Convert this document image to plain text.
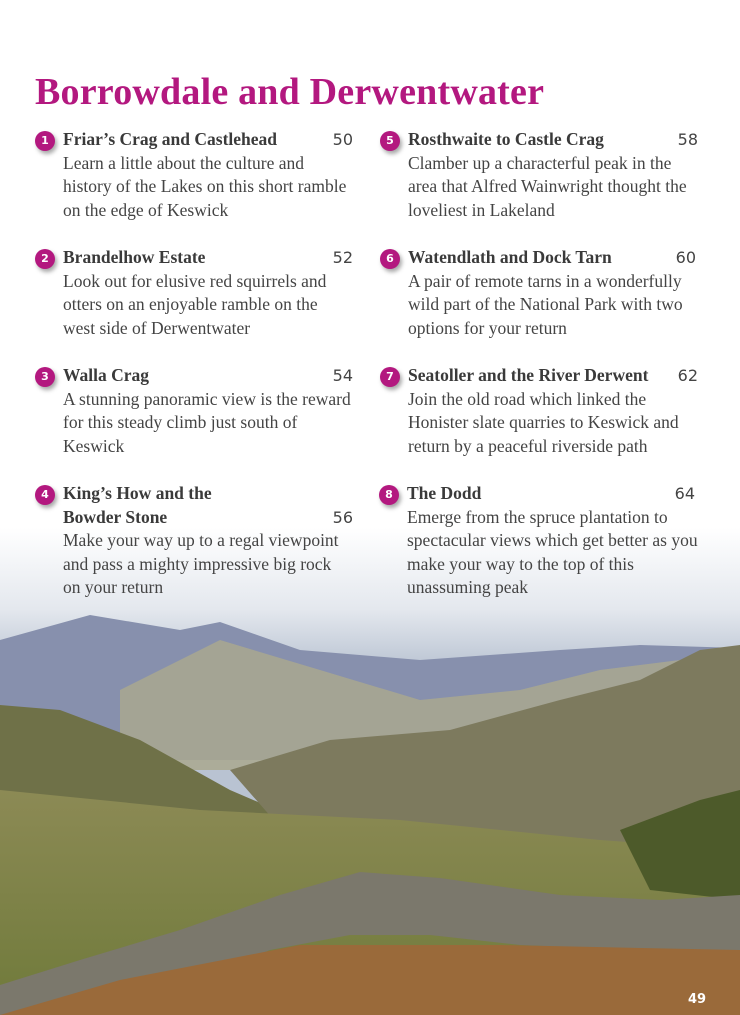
Borrowdale and Derwentwater
1 Friar’s Crag and Castlehead	50
Learn a little about the culture and history of the Lakes on this short ramble on the edge of Keswick
2 Brandelhow Estate	52
Look out for elusive red squirrels and otters on an enjoyable ramble on the west side of Derwentwater
3 Walla Crag	54
A stunning panoramic view is the reward for this steady climb just south of Keswick
4 King’s How and the Bowder Stone	56
Make your way up to a regal viewpoint and pass a mighty impressive big rock on your return
5 Rosthwaite to Castle Crag	58
Clamber up a characterful peak in the area that Alfred Wainwright thought the loveliest in Lakeland
6 Watendlath and Dock Tarn	60
A pair of remote tarns in a wonderfully wild part of the National Park with two options for your return
7 Seatoller and the River Derwent 62
Join the old road which linked the Honister slate quarries to Keswick and return by a peaceful riverside path
8 The Dodd	64
Emerge from the spruce plantation to spectacular views which get better as you make your way to the top of this unassuming peak
49
